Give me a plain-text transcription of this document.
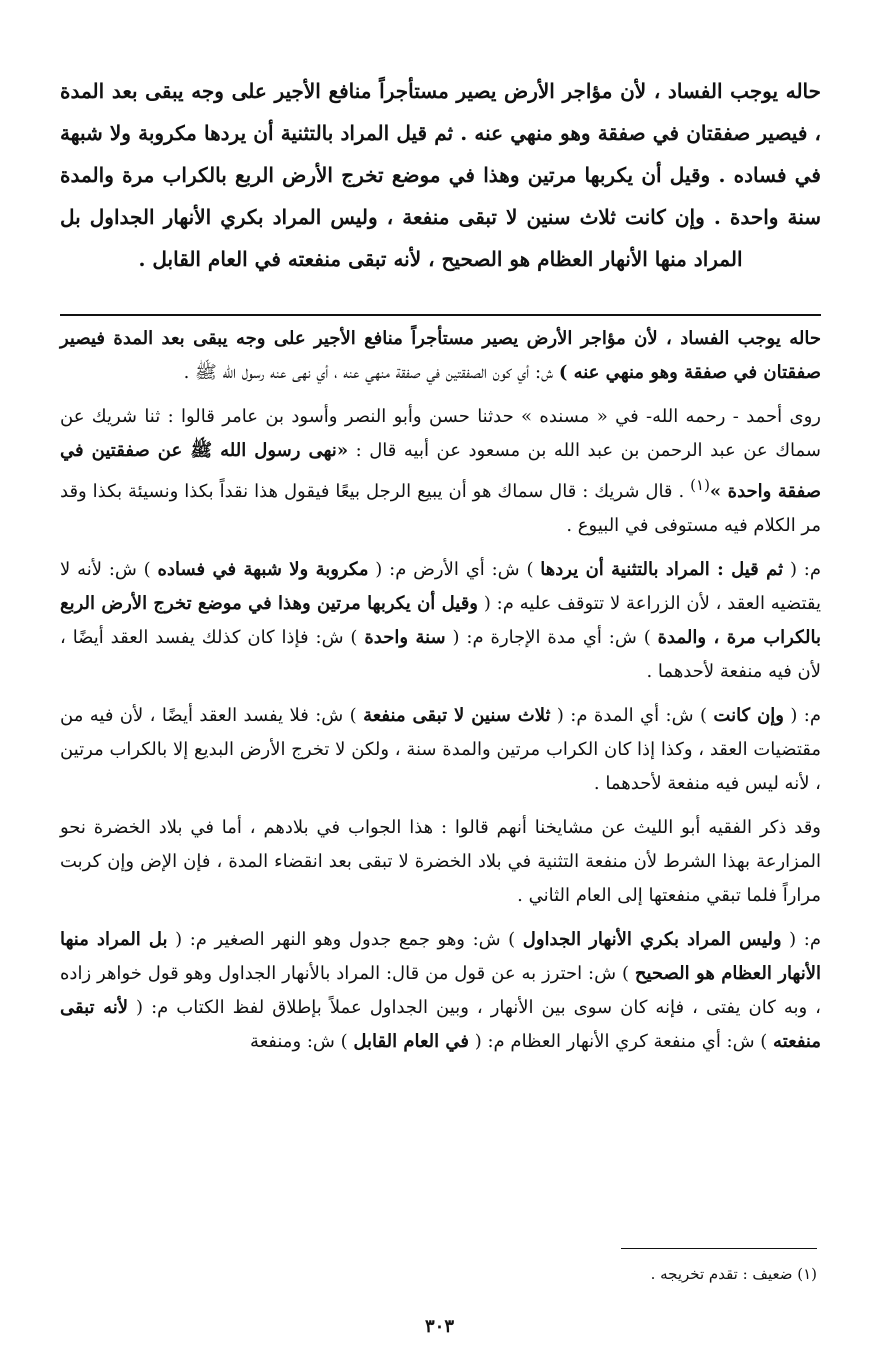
حاله يوجب الفساد ، لأن مؤاجر الأرض يصير مستأجراً منافع الأجير على وجه يبقى بعد المدة ، فيصير صفقتان في صفقة وهو منهي عنه . ثم قيل المراد بالتثنية أن يردها مكروبة ولا شبهة في فساده . وقيل أن يكربها مرتين وهذا في موضع تخرج الأرض الربع بالكراب مرة والمدة سنة واحدة . وإن كانت ثلاث سنين لا تبقى منفعة ، وليس المراد بكري الأنهار الجداول بل المراد منها الأنهار العظام هو الصحيح ، لأنه تبقى منفعته في العام القابل .

حاله يوجب الفساد ، لأن مؤاجر الأرض يصير مستأجراً منافع الأجير على وجه يبقى بعد المدة فيصير صفقتان في صفقة وهو منهي عنه ) ش: أي كون الصفقتين في صفقة منهي عنه ، أي نهى عنه رسول الله ﷺ .

روى أحمد - رحمه الله- في « مسنده » حدثنا حسن وأبو النصر وأسود بن عامر قالوا : ثنا شريك عن سماك عن عبد الرحمن بن عبد الله بن مسعود عن أبيه قال : «نهى رسول الله ﷺ عن صفقتين في صفقة واحدة »$^{(١)}$ . قال شريك : قال سماك هو أن يبيع الرجل بيعًا فيقول هذا نقداً بكذا ونسيئة بكذا وقد مر الكلام فيه مستوفى في البيوع .

م: ( ثم قيل : المراد بالتثنية أن يردها ) ش: أي الأرض م: ( مكروبة ولا شبهة في فساده ) ش: لأنه لا يقتضيه العقد ، لأن الزراعة لا تتوقف عليه م: ( وقيل أن يكربها مرتين وهذا في موضع تخرج الأرض الربع بالكراب مرة ، والمدة ) ش: أي مدة الإجارة م: ( سنة واحدة ) ش: فإذا كان كذلك يفسد العقد أيضًا ، لأن فيه منفعة لأحدهما .

م: ( وإن كانت ) ش: أي المدة م: ( ثلاث سنين لا تبقى منفعة ) ش: فلا يفسد العقد أيضًا ، لأن فيه من مقتضيات العقد ، وكذا إذا كان الكراب مرتين والمدة سنة ، ولكن لا تخرج الأرض البديع إلا بالكراب مرتين ، لأنه ليس فيه منفعة لأحدهما .

وقد ذكر الفقيه أبو الليث عن مشايخنا أنهم قالوا : هذا الجواب في بلادهم ، أما في بلاد الخضرة نحو المزارعة بهذا الشرط لأن منفعة التثنية في بلاد الخضرة لا تبقى بعد انقضاء المدة ، فإن الإض وإن كربت مراراً فلما تبقي منفعتها إلى العام الثاني .

م: ( وليس المراد بكري الأنهار الجداول ) ش: وهو جمع جدول وهو النهر الصغير م: ( بل المراد منها الأنهار العظام هو الصحيح ) ش: احترز به عن قول من قال: المراد بالأنهار الجداول وهو قول خواهر زاده ، وبه كان يفتى ، فإنه كان سوى بين الأنهار ، وبين الجداول عملاً بإطلاق لفظ الكتاب م: ( لأنه تبقى منفعته ) ش: أي منفعة كري الأنهار العظام م: ( في العام القابل ) ش: ومنفعة

(١) ضعيف : تقدم تخريجه .
٣٠٣
